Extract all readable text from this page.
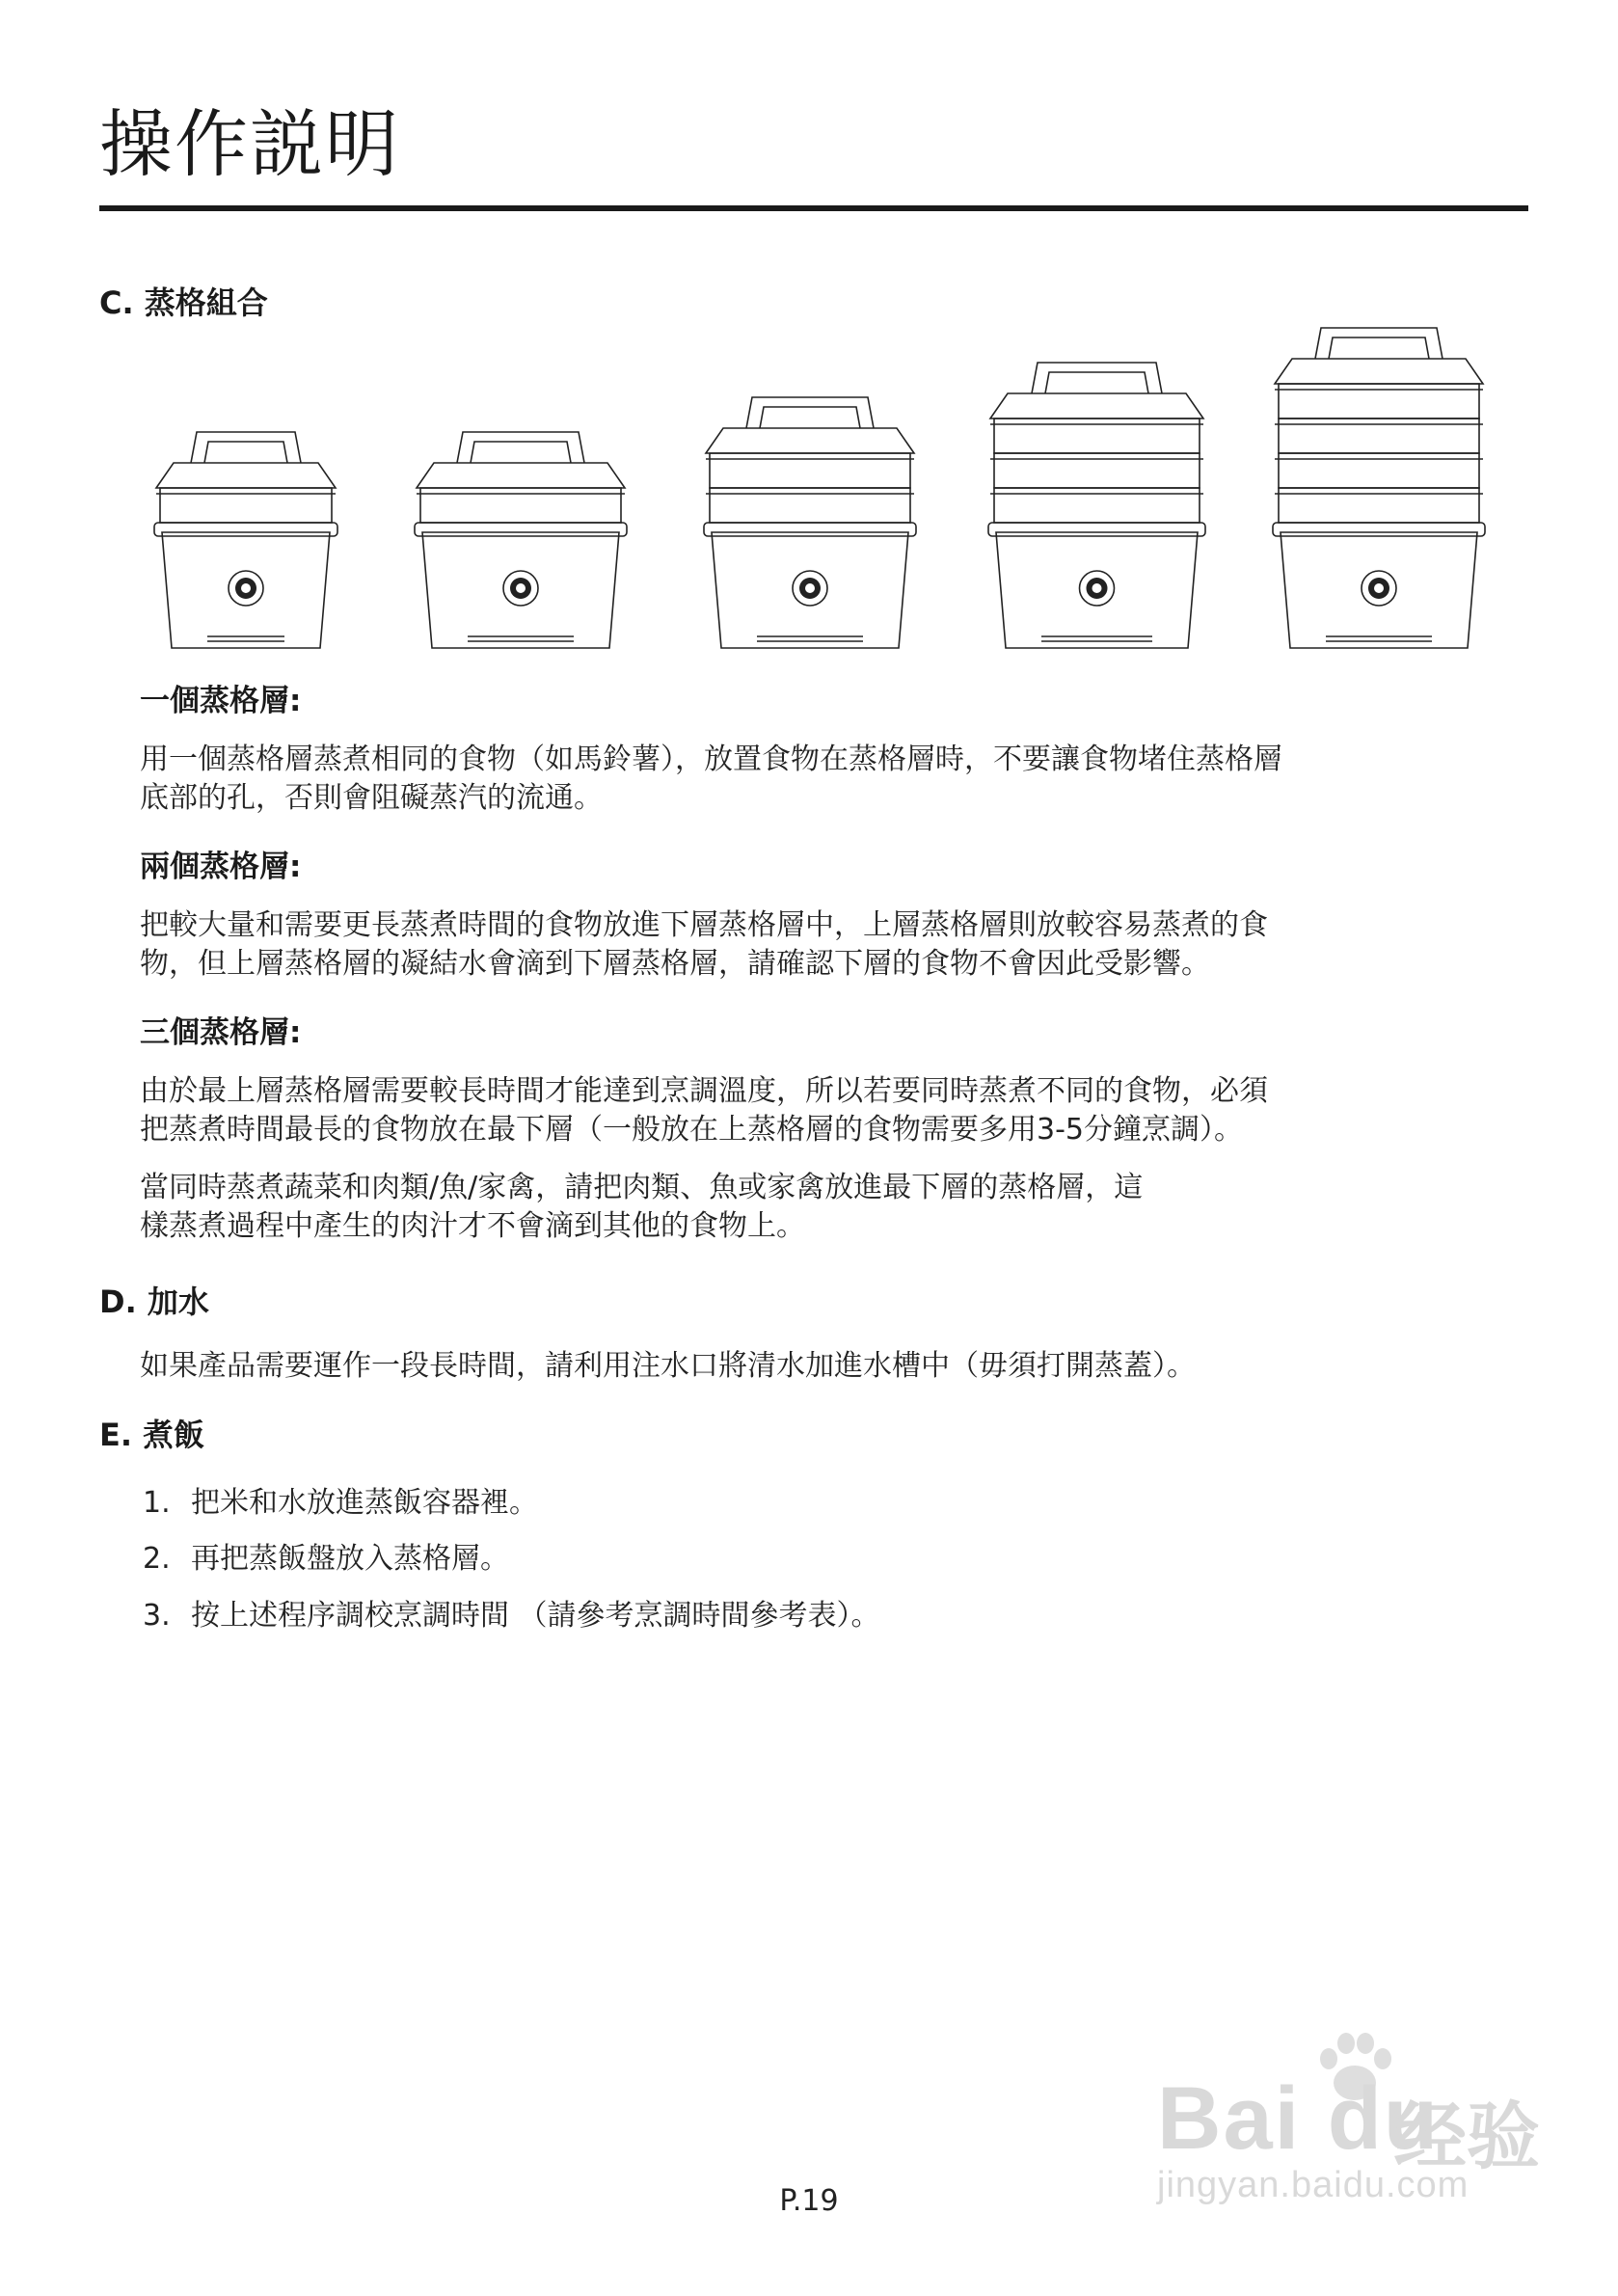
操作説明
C. 蒸格組合
一個蒸格層:

用一個蒸格層蒸煮相同的食物（如馬鈴薯），放置食物在蒸格層時，不要讓食物堵住蒸格層
底部的孔，否則會阻礙蒸汽的流通。

兩個蒸格層:

把較大量和需要更長蒸煮時間的食物放進下層蒸格層中，上層蒸格層則放較容易蒸煮的食
物，但上層蒸格層的凝結水會滴到下層蒸格層，請確認下層的食物不會因此受影響。

三個蒸格層:

由於最上層蒸格層需要較長時間才能達到烹調溫度，所以若要同時蒸煮不同的食物，必須
把蒸煮時間最長的食物放在最下層（一般放在上蒸格層的食物需要多用3-5分鐘烹調）。

當同時蒸煮蔬菜和肉類/魚/家禽，請把肉類、魚或家禽放進最下層的蒸格層，這
樣蒸煮過程中產生的肉汁才不會滴到其他的食物上。

D. 加水

如果產品需要運作一段長時間，請利用注水口將清水加進水槽中（毋須打開蒸蓋）。

E. 煮飯
1. 把米和水放進蒸飯容器裡。
2. 再把蒸飯盤放入蒸格層。
3. 按上述程序調校烹調時間 （請參考烹調時間參考表）。
P.19
Bai du
经验
jingyan.baidu.com
